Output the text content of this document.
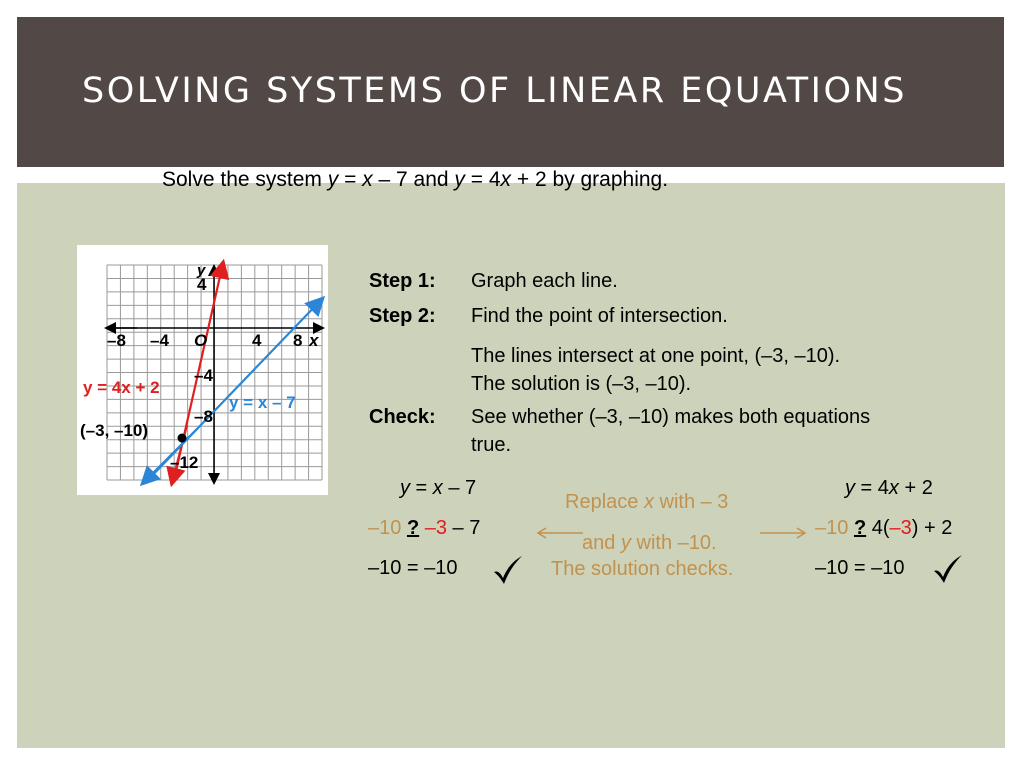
SOLVING SYSTEMS OF LINEAR EQUATIONS
Solve the system y = x – 7 and y = 4x + 2 by graphing.
y
x
O
–8 –4	4 8
4
–4
–8
–12
y = 4x + 2
y = x – 7
(–3, –10)
Step 1: Graph each line.
Step 2: Find the point of intersection.
The lines intersect at one point, (–3, –10).
The solution is (–3, –10).
Check: See whether (–3, –10) makes both equations
true.
y = x – 7
–10 ? –3 – 7
–10 = –10
Replace x with – 3
and y with –10.
The solution checks.
y = 4x + 2
–10 ? 4(–3) + 2
–10 = –10
